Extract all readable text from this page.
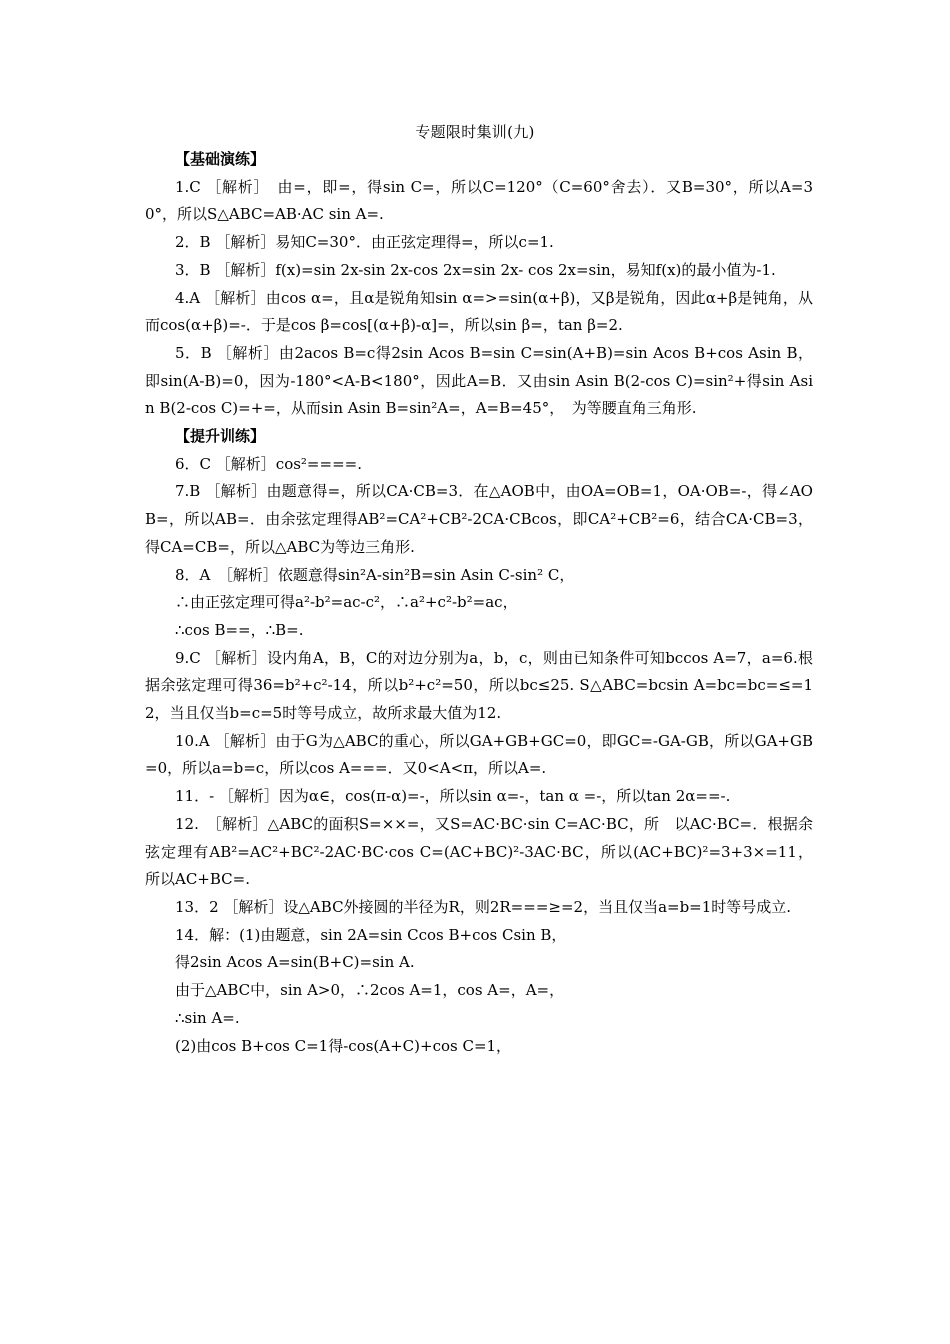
专题限时集训(九)

【基础演练】

1.C ［解析］　由=，即=，得sin C=，所以C=120°（C=60°舍去）．又B=30°，所以A=30°，所以S△ABC=AB·AC sin A=.

2．B ［解析］易知C=30°．由正弦定理得=，所以c=1.

3．B ［解析］f(x)=sin 2x-sin 2x-cos 2x=sin 2x- cos 2x=sin，易知f(x)的最小值为-1.

4.A ［解析］由cos α=，且α是锐角知sin α=>=sin(α+β)，又β是锐角，因此α+β是钝角，从而cos(α+β)=-．于是cos β=cos[(α+β)-α]=，所以sin β=，tan β=2.

5．B ［解析］由2acos B=c得2sin Acos B=sin C=sin(A+B)=sin Acos B+cos Asin B，即sin(A-B)=0，因为-180°<A-B<180°，因此A=B．又由sin Asin B(2-cos C)=sin²+得sin Asin B(2-cos C)=+=，从而sin Asin B=sin²A=，A=B=45°，　为等腰直角三角形.

【提升训练】

6．C ［解析］cos²====.

7.B ［解析］由题意得=，所以CA·CB=3．在△AOB中，由OA=OB=1，OA·OB=-，得∠AOB=，所以AB=．由余弦定理得AB²=CA²+CB²-2CA·CBcos，即CA²+CB²=6，结合CA·CB=3，得CA=CB=，所以△ABC为等边三角形.

8．A　［解析］依题意得sin²A-sin²B=sin Asin C-sin² C，

∴由正弦定理可得a²-b²=ac-c²，∴a²+c²-b²=ac，

∴cos B==，∴B=.

9.C ［解析］设内角A，B，C的对边分别为a，b，c，则由已知条件可知bccos A=7，a=6.根据余弦定理可得36=b²+c²-14，所以b²+c²=50，所以bc≤25. S△ABC=bcsin A=bc=bc=≤=12，当且仅当b=c=5时等号成立，故所求最大值为12.

10.A ［解析］由于G为△ABC的重心，所以GA+GB+GC=0，即GC=-GA-GB，所以GA+GB=0，所以a=b=c，所以cos A===．又0<A<π，所以A=.

11．- ［解析］因为α∈，cos(π-α)=-，所以sin α=-，tan α =-，所以tan 2α==-.

12.　［解析］△ABC的面积S=××=，又S=AC·BC·sin C=AC·BC，所　以AC·BC=．根据余弦定理有AB²=AC²+BC²-2AC·BC·cos C=(AC+BC)²-3AC·BC，所以(AC+BC)²=3+3×=11，所以AC+BC=.

13．2 ［解析］设△ABC外接圆的半径为R，则2R===≥=2，当且仅当a=b=1时等号成立.

14．解：(1)由题意，sin 2A=sin Ccos B+cos Csin B，

得2sin Acos A=sin(B+C)=sin A.

由于△ABC中，sin A>0，∴2cos A=1，cos A=，A=，

∴sin A=.

(2)由cos B+cos C=1得-cos(A+C)+cos C=1，
